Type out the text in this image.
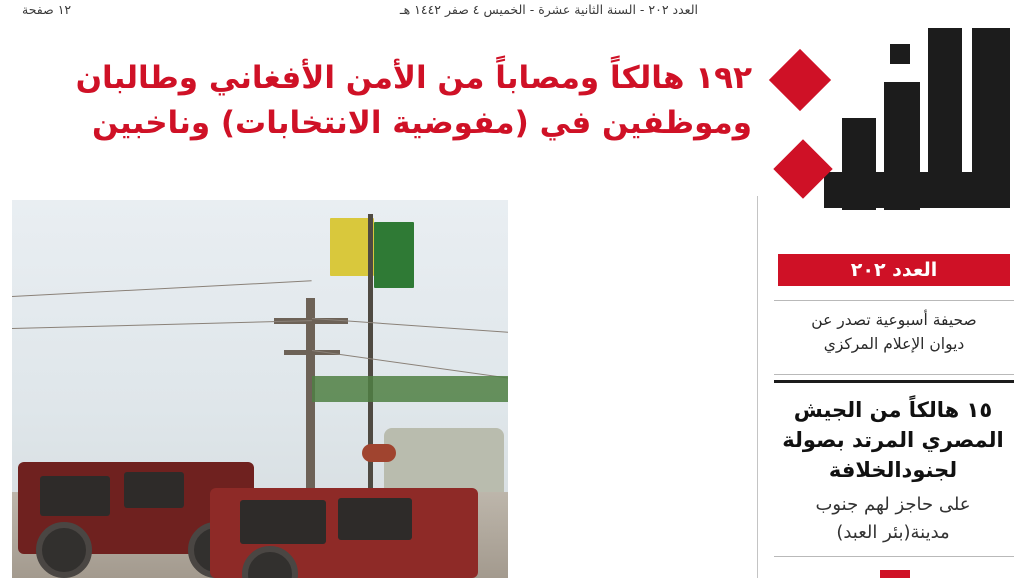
العدد ٢٠٢ - السنة الثانية عشرة - الخميس ٤ صفر ١٤٤٢ هـ
١٢ صفحة
١٩٢ هالكاً ومصاباً من الأمن الأفغاني وطالبان
وموظفين في (مفوضية الانتخابات) وناخبين

العدد ٢٠٢
صحيفة أسبوعية تصدر عن
ديوان الإعلام المركزي
١٥ هالكاً من الجيش
المصري المرتد بصولة
لجنودالخلافة
على حاجز لهم جنوب
مدينة(بئر العبد)
